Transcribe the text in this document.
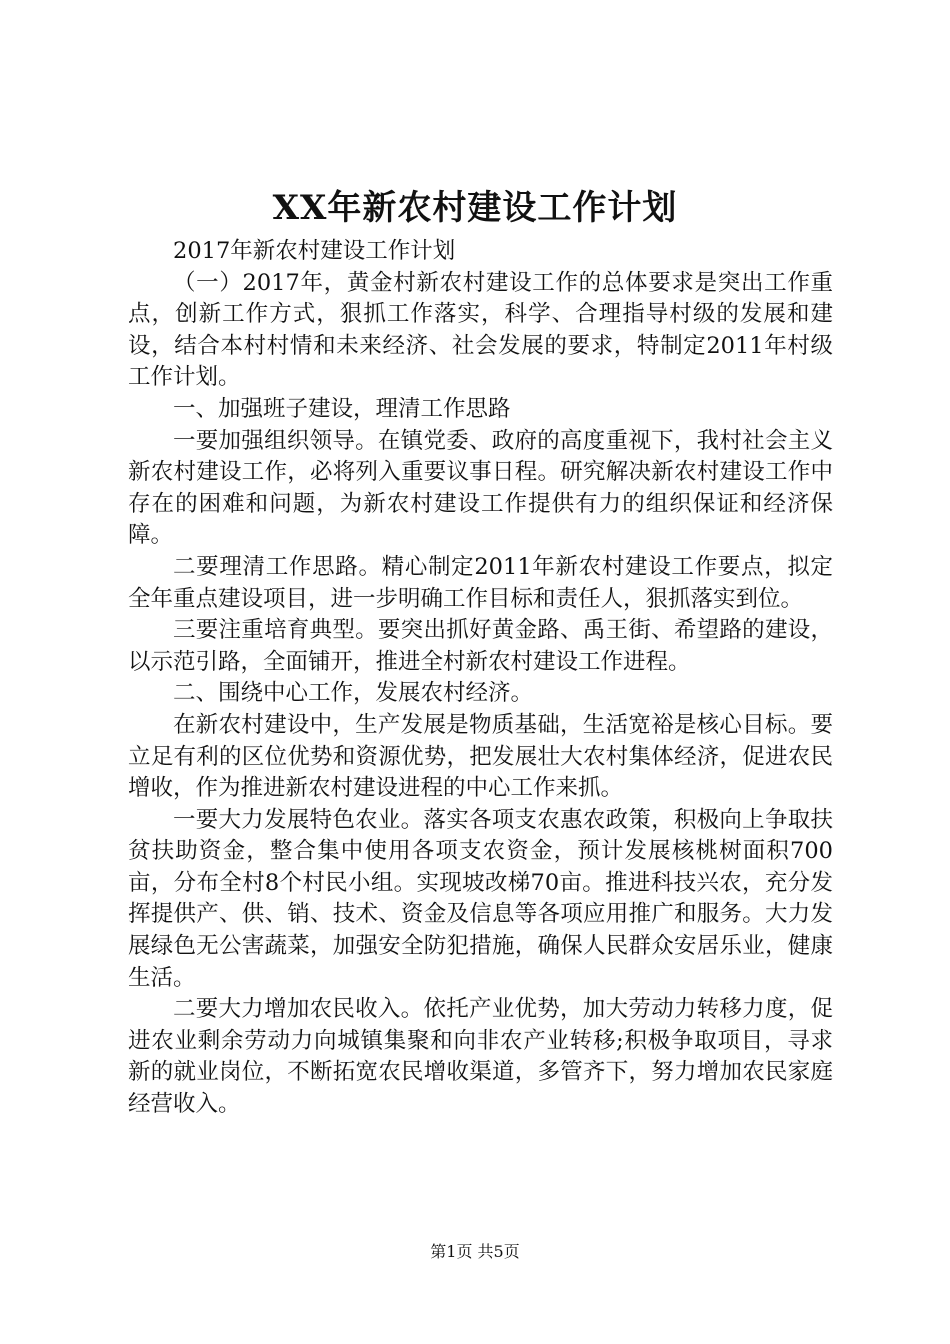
XX年新农村建设工作计划

2017年新农村建设工作计划

（一）2017年，黄金村新农村建设工作的总体要求是突出工作重点，创新工作方式，狠抓工作落实，科学、合理指导村级的发展和建设，结合本村村情和未来经济、社会发展的要求，特制定2011年村级工作计划。

一、加强班子建设，理清工作思路

一要加强组织领导。在镇党委、政府的高度重视下，我村社会主义新农村建设工作，必将列入重要议事日程。研究解决新农村建设工作中存在的困难和问题，为新农村建设工作提供有力的组织保证和经济保障。

二要理清工作思路。精心制定2011年新农村建设工作要点，拟定全年重点建设项目，进一步明确工作目标和责任人，狠抓落实到位。

三要注重培育典型。要突出抓好黄金路、禹王街、希望路的建设，以示范引路，全面铺开，推进全村新农村建设工作进程。

二、围绕中心工作，发展农村经济。

在新农村建设中，生产发展是物质基础，生活宽裕是核心目标。要立足有利的区位优势和资源优势，把发展壮大农村集体经济，促进农民增收，作为推进新农村建设进程的中心工作来抓。

一要大力发展特色农业。落实各项支农惠农政策，积极向上争取扶贫扶助资金，整合集中使用各项支农资金，预计发展核桃树面积700亩，分布全村8个村民小组。实现坡改梯70亩。推进科技兴农，充分发挥提供产、供、销、技术、资金及信息等各项应用推广和服务。大力发展绿色无公害蔬菜，加强安全防犯措施，确保人民群众安居乐业，健康生活。

二要大力增加农民收入。依托产业优势，加大劳动力转移力度，促进农业剩余劳动力向城镇集聚和向非农产业转移;积极争取项目，寻求新的就业岗位，不断拓宽农民增收渠道，多管齐下，努力增加农民家庭经营收入。

第1页 共5页
